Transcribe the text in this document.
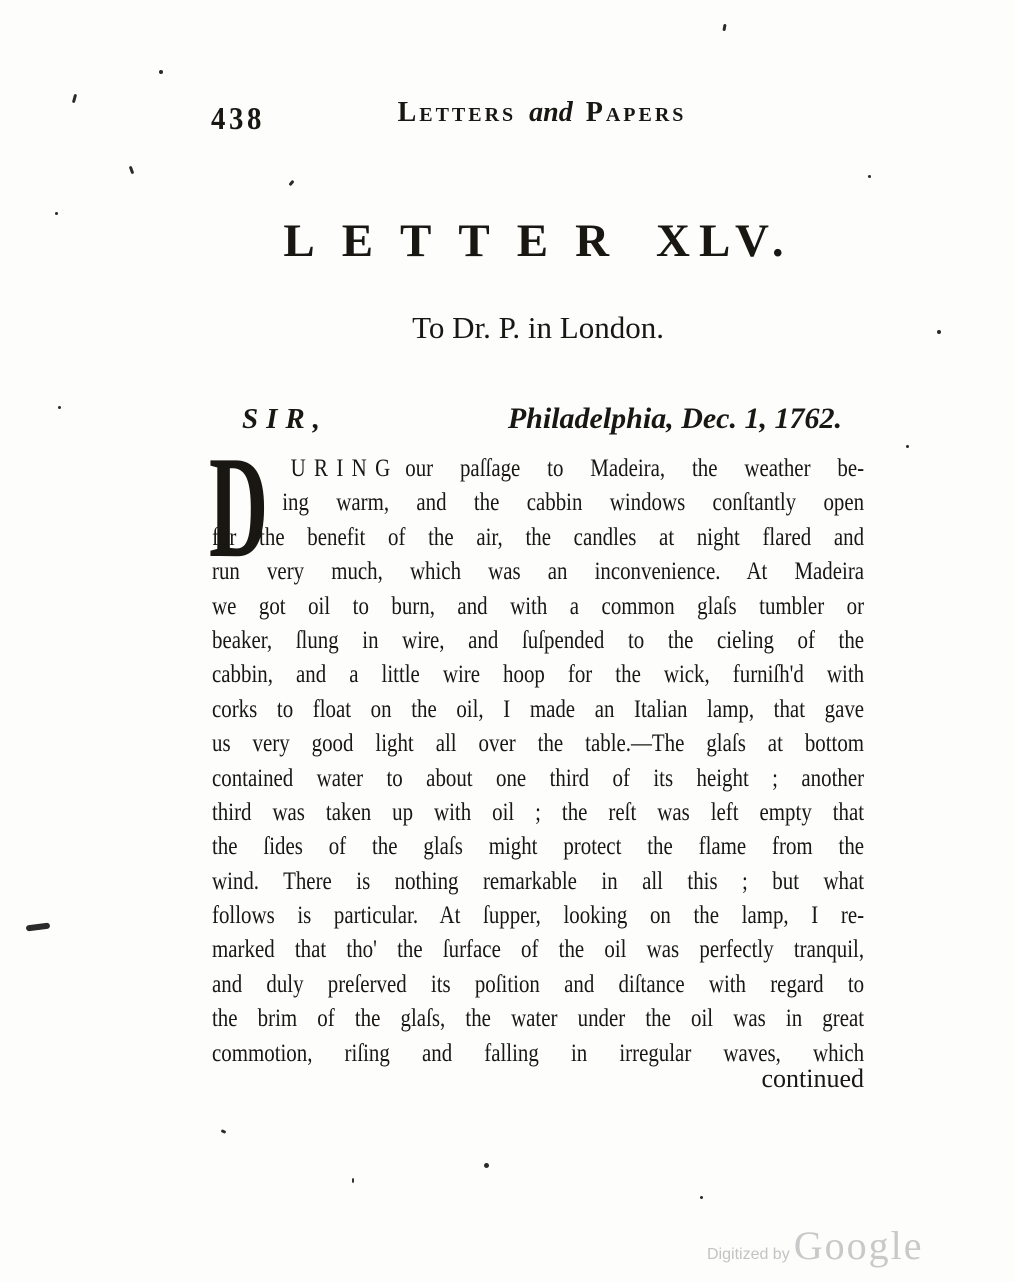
438	Letters and Papers
LETTER XLV.
To Dr. P. in London.
SIR,	Philadelphia, Dec. 1, 1762.
D URING our paſſage to Madeira, the weather be-
ing warm, and the cabbin windows conſtantly open
for the benefit of the air, the candles at night flared and
run very much, which was an inconvenience. At Madeira
we got oil to burn, and with a common glaſs tumbler or
beaker, ſlung in wire, and ſuſpended to the cieling of the
cabbin, and a little wire hoop for the wick, furniſh'd with
corks to float on the oil, I made an Italian lamp, that gave
us very good light all over the table.—The glaſs at bottom
contained water to about one third of its height ; another
third was taken up with oil ; the reſt was left empty that
the ſides of the glaſs might protect the flame from the
wind. There is nothing remarkable in all this ; but what
follows is particular. At ſupper, looking on the lamp, I re-
marked that tho' the ſurface of the oil was perfectly tranquil,
and duly preſerved its poſition and diſtance with regard to
the brim of the glaſs, the water under the oil was in great
commotion, riſing and falling in irregular waves, which
continued
Digitized by Google
